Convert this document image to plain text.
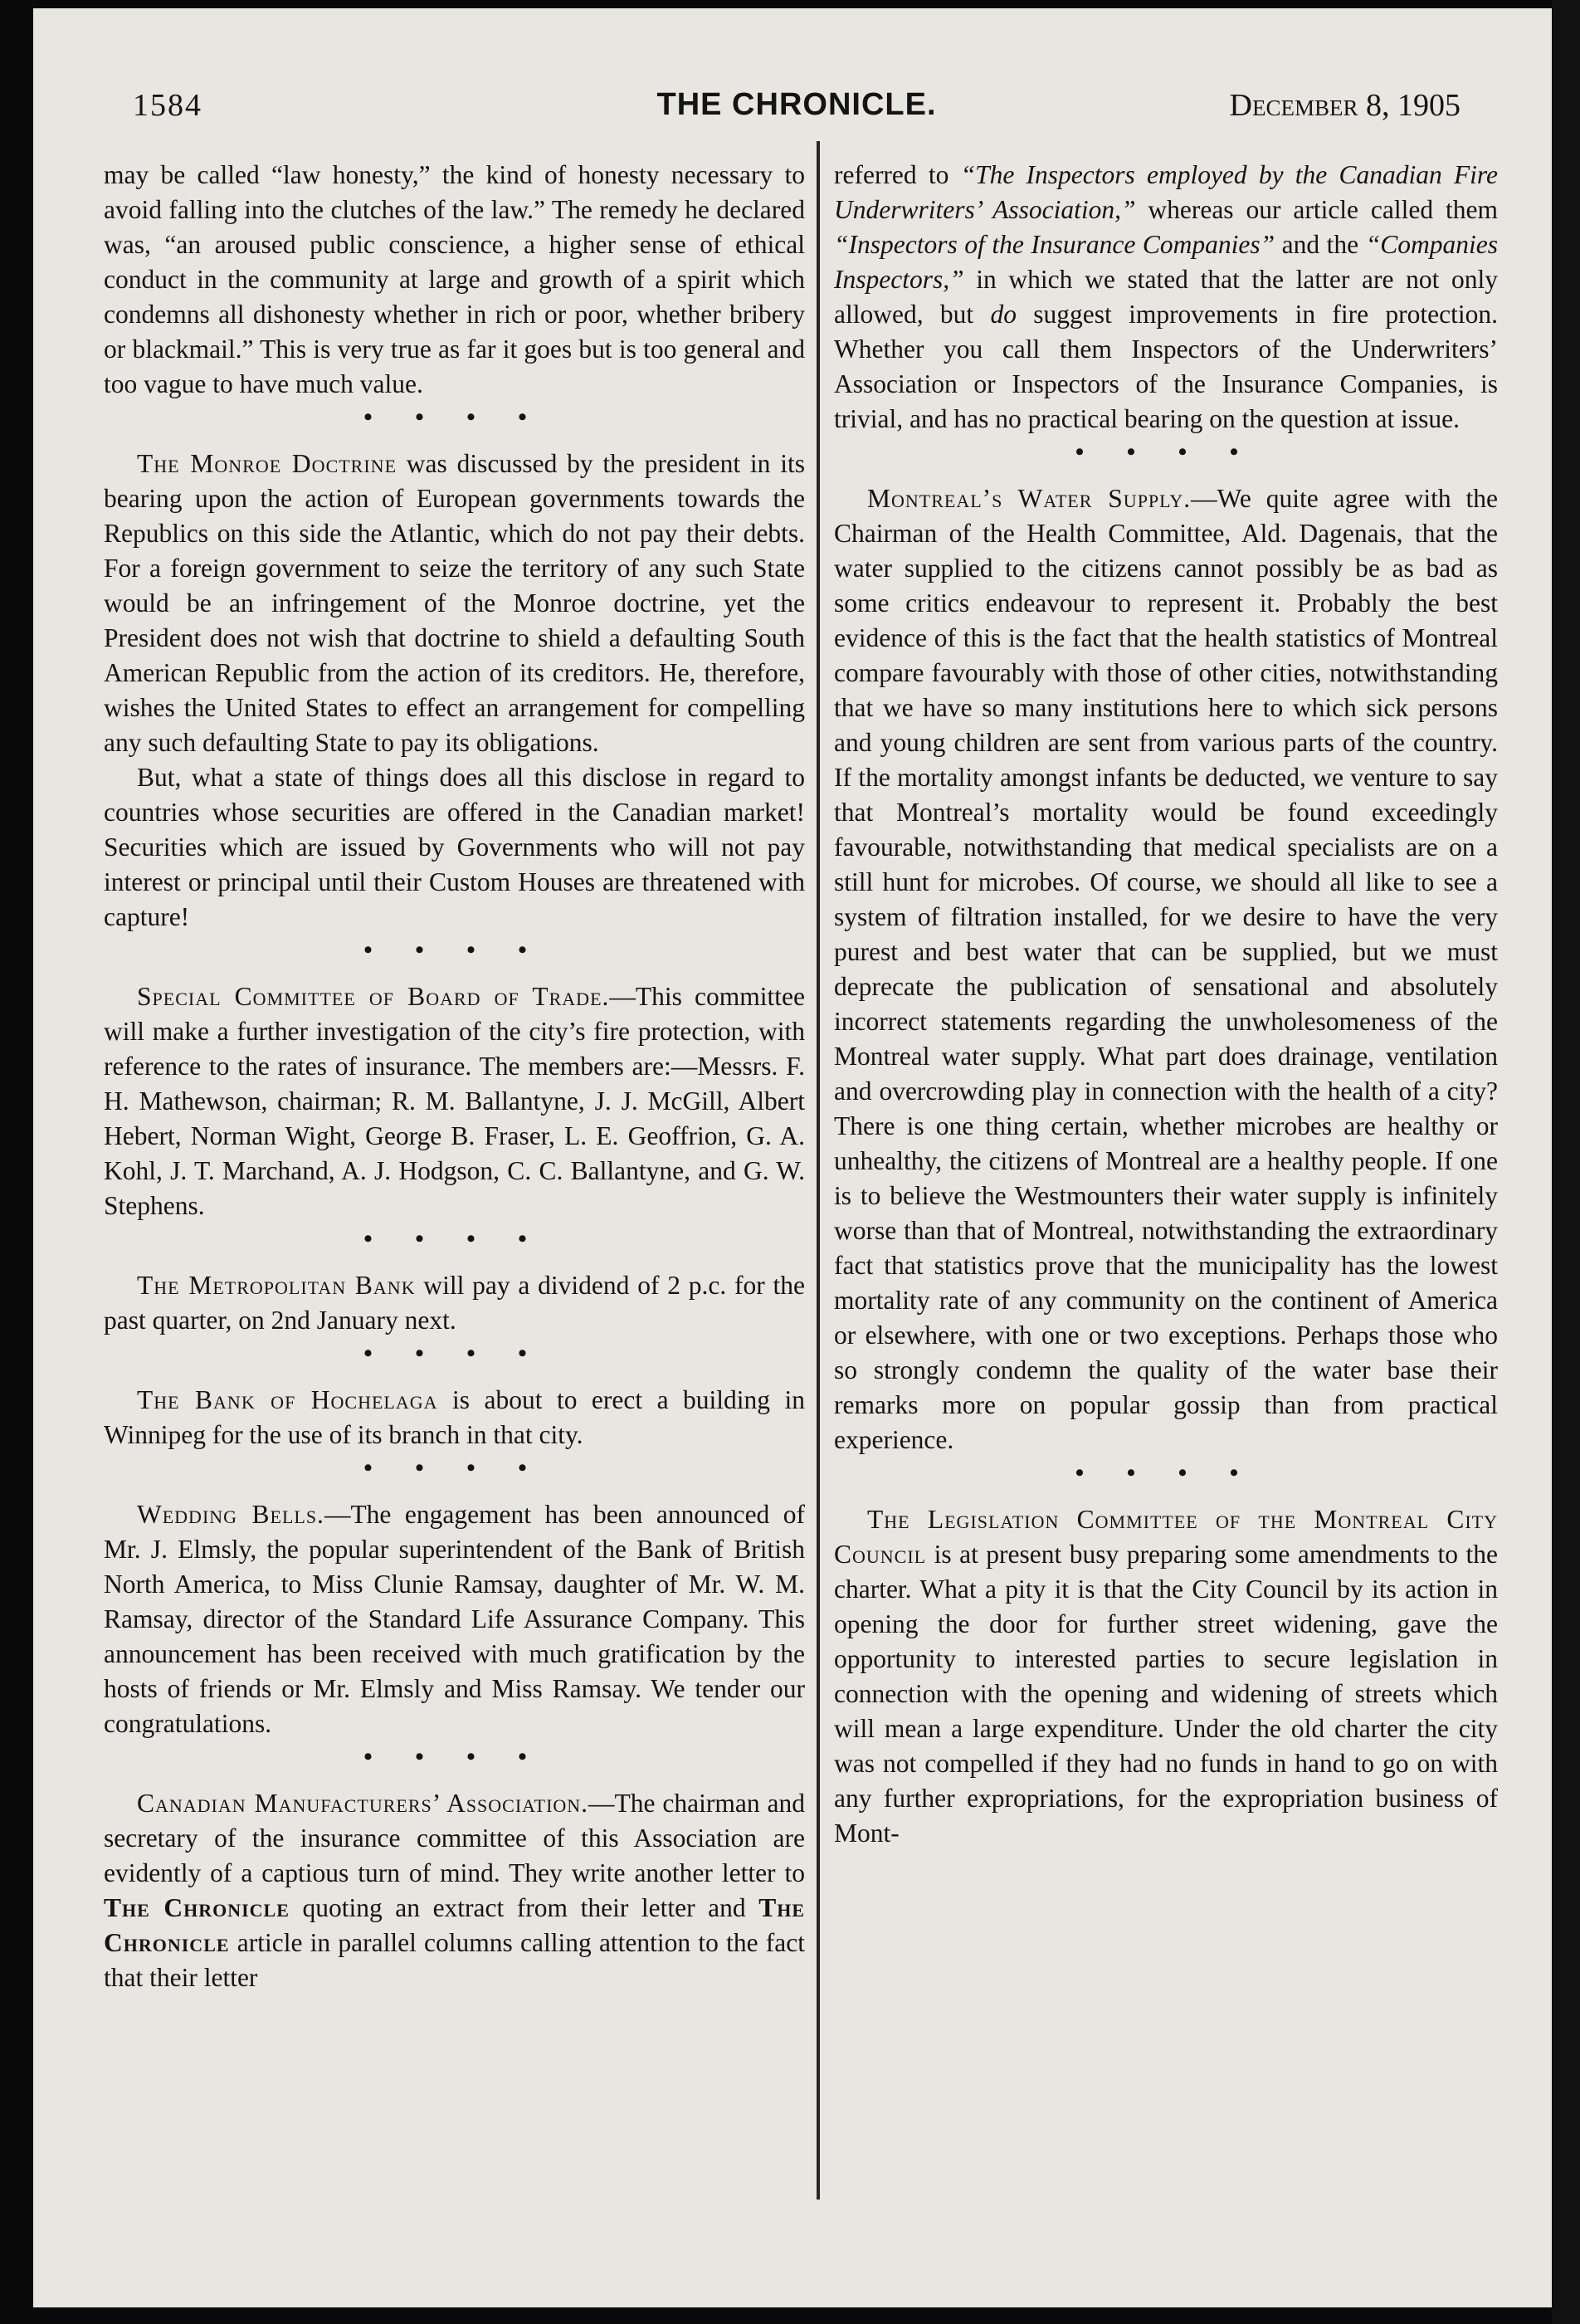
1584	THE CHRONICLE.	December 8, 1905

may be called “law honesty,” the kind of honesty necessary to avoid falling into the clutches of the law.” The remedy he declared was, “an aroused public conscience, a higher sense of ethical conduct in the community at large and growth of a spirit which condemns all dishonesty whether in rich or poor, whether bribery or blackmail.” This is very true as far it goes but is too general and too vague to have much value.

• • • •

The Monroe Doctrine was discussed by the president in its bearing upon the action of European governments towards the Republics on this side the Atlantic, which do not pay their debts. For a foreign government to seize the territory of any such State would be an infringement of the Monroe doctrine, yet the President does not wish that doctrine to shield a defaulting South American Republic from the action of its creditors. He, therefore, wishes the United States to effect an arrangement for compelling any such defaulting State to pay its obligations.

But, what a state of things does all this disclose in regard to countries whose securities are offered in the Canadian market! Securities which are issued by Governments who will not pay interest or principal until their Custom Houses are threatened with capture!

• • • •

Special Committee of Board of Trade.—This committee will make a further investigation of the city’s fire protection, with reference to the rates of insurance. The members are:—Messrs. F. H. Mathewson, chairman; R. M. Ballantyne, J. J. McGill, Albert Hebert, Norman Wight, George B. Fraser, L. E. Geoffrion, G. A. Kohl, J. T. Marchand, A. J. Hodgson, C. C. Ballantyne, and G. W. Stephens.

• • • •

The Metropolitan Bank will pay a dividend of 2 p.c. for the past quarter, on 2nd January next.

• • • •

The Bank of Hochelaga is about to erect a building in Winnipeg for the use of its branch in that city.

• • • •

Wedding Bells.—The engagement has been announced of Mr. J. Elmsly, the popular superintendent of the Bank of British North America, to Miss Clunie Ramsay, daughter of Mr. W. M. Ramsay, director of the Standard Life Assurance Company. This announcement has been received with much gratification by the hosts of friends or Mr. Elmsly and Miss Ramsay. We tender our congratulations.

• • • •

Canadian Manufacturers’ Association.—The chairman and secretary of the insurance committee of this Association are evidently of a captious turn of mind. They write another letter to The Chronicle quoting an extract from their letter and The Chronicle article in parallel columns calling attention to the fact that their letter

referred to “The Inspectors employed by the Canadian Fire Underwriters’ Association,” whereas our article called them “Inspectors of the Insurance Companies” and the “Companies Inspectors,” in which we stated that the latter are not only allowed, but do suggest improvements in fire protection. Whether you call them Inspectors of the Underwriters’ Association or Inspectors of the Insurance Companies, is trivial, and has no practical bearing on the question at issue.

• • • •

Montreal’s Water Supply.—We quite agree with the Chairman of the Health Committee, Ald. Dagenais, that the water supplied to the citizens cannot possibly be as bad as some critics endeavour to represent it. Probably the best evidence of this is the fact that the health statistics of Montreal compare favourably with those of other cities, notwithstanding that we have so many institutions here to which sick persons and young children are sent from various parts of the country. If the mortality amongst infants be deducted, we venture to say that Montreal’s mortality would be found exceedingly favourable, notwithstanding that medical specialists are on a still hunt for microbes. Of course, we should all like to see a system of filtration installed, for we desire to have the very purest and best water that can be supplied, but we must deprecate the publication of sensational and absolutely incorrect statements regarding the unwholesomeness of the Montreal water supply. What part does drainage, ventilation and overcrowding play in connection with the health of a city? There is one thing certain, whether microbes are healthy or unhealthy, the citizens of Montreal are a healthy people. If one is to believe the Westmounters their water supply is infinitely worse than that of Montreal, notwithstanding the extraordinary fact that statistics prove that the municipality has the lowest mortality rate of any community on the continent of America or elsewhere, with one or two exceptions. Perhaps those who so strongly condemn the quality of the water base their remarks more on popular gossip than from practical experience.

• • • •

The Legislation Committee of the Montreal City Council is at present busy preparing some amendments to the charter. What a pity it is that the City Council by its action in opening the door for further street widening, gave the opportunity to interested parties to secure legislation in connection with the opening and widening of streets which will mean a large expenditure. Under the old charter the city was not compelled if they had no funds in hand to go on with any further expropriations, for the expropriation business of Mont-
